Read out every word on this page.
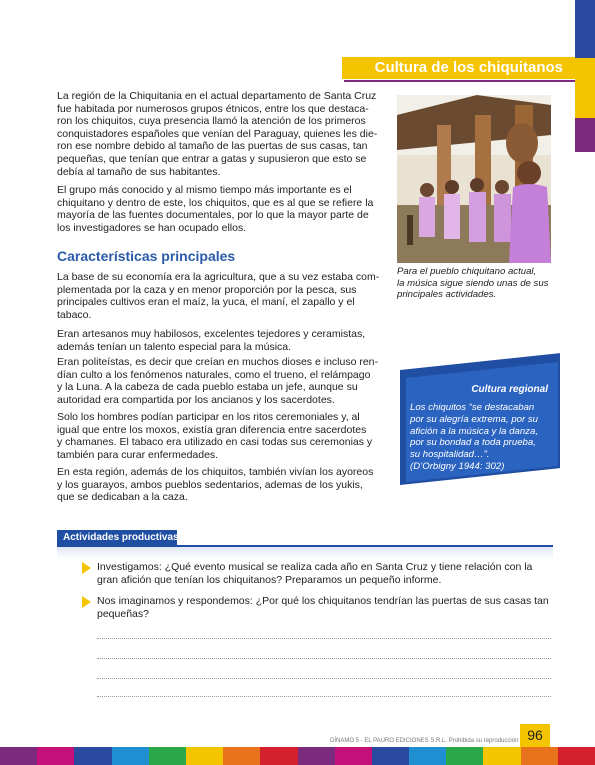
Cultura de los chiquitanos
La región de la Chiquitania en el actual departamento de Santa Cruz
fue habitada por numerosos grupos étnicos, entre los que destaca-
ron los chiquitos, cuya presencia llamó la atención de los primeros
conquistadores españoles que venían del Paraguay, quienes les die-
ron ese nombre debido al tamaño de las puertas de sus casas, tan
pequeñas, que tenían que entrar a gatas y supusieron que esto se
debía al tamaño de sus habitantes.
El grupo más conocido y al mismo tiempo más importante es el
chiquitano y dentro de este, los chiquitos, que es al que se refiere la
mayoría de las fuentes documentales, por lo que la mayor parte de
los investigadores se han ocupado ellos.
Características principales
La base de su economía era la agricultura, que a su vez estaba com-
plementada por la caza y en menor proporción por la pesca, sus
principales cultivos eran el maíz, la yuca, el maní, el zapallo y el
tabaco.
Eran artesanos muy habilosos, excelentes tejedores y ceramistas,
además tenían un talento especial para la música.
Eran politeístas, es decir que creían en muchos dioses e incluso ren-
dían culto a los fenómenos naturales, como el trueno, el relámpago
y la Luna. A la cabeza de cada pueblo estaba un jefe, aunque su
autoridad era compartida por los ancianos y los sacerdotes.
Solo los hombres podían participar en los ritos ceremoniales y, al
igual que entre los moxos, existía gran diferencia entre sacerdotes
y chamanes. El tabaco era utilizado en casi todas sus ceremonias y
también para curar enfermedades.
En esta región, además de los chiquitos, también vivían los ayoreos
y los guarayos, ambos pueblos sedentarios, ademas de los yukis,
que se dedicaban a la caza.
Para el pueblo chiquitano actual,
la música sigue siendo unas de sus
principales actividades.
Cultura regional
Los chiquitos “se destacaban
por su alegría extrema, por su
afición a la música y la danza,
por su bondad a toda prueba,
su hospitalidad…”.
(D’Orbigny 1944: 302)
Actividades productivas
Investigamos: ¿Qué evento musical se realiza cada año en Santa Cruz y tiene relación con la
gran afición que tenían los chiquitanos? Preparamos un pequeño informe.
Nos imaginamos y respondemos: ¿Por qué los chiquitanos tendrían las puertas de sus casas tan
pequeñas?
DÍNAMO 5 - EL PAURO EDICIONES S.R.L. Prohibida su reproducción 96
